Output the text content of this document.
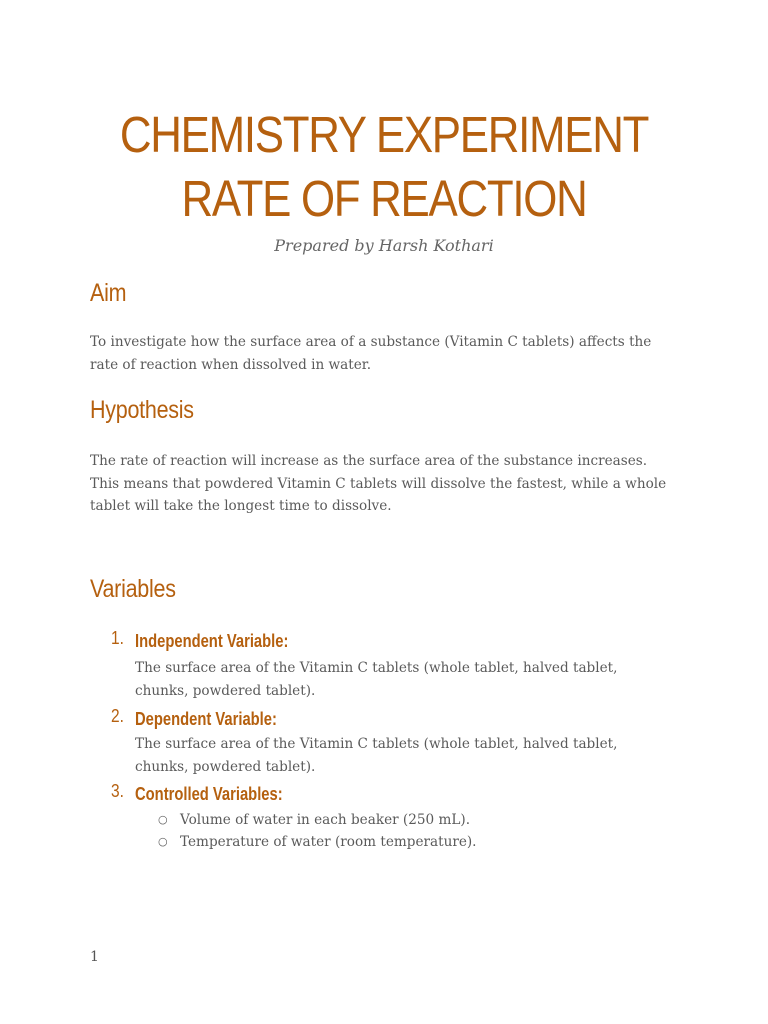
CHEMISTRY EXPERIMENT RATE OF REACTION

Prepared by Harsh Kothari

Aim

To investigate how the surface area of a substance (Vitamin C tablets) affects the rate of reaction when dissolved in water.

Hypothesis

The rate of reaction will increase as the surface area of the substance increases. This means that powdered Vitamin C tablets will dissolve the fastest, while a whole tablet will take the longest time to dissolve.

Variables
1. Independent Variable:
The surface area of the Vitamin C tablets (whole tablet, halved tablet, chunks, powdered tablet).
2. Dependent Variable:
The surface area of the Vitamin C tablets (whole tablet, halved tablet, chunks, powdered tablet).
3. Controlled Variables:
○ Volume of water in each beaker (250 mL).
○ Temperature of water (room temperature).
1
